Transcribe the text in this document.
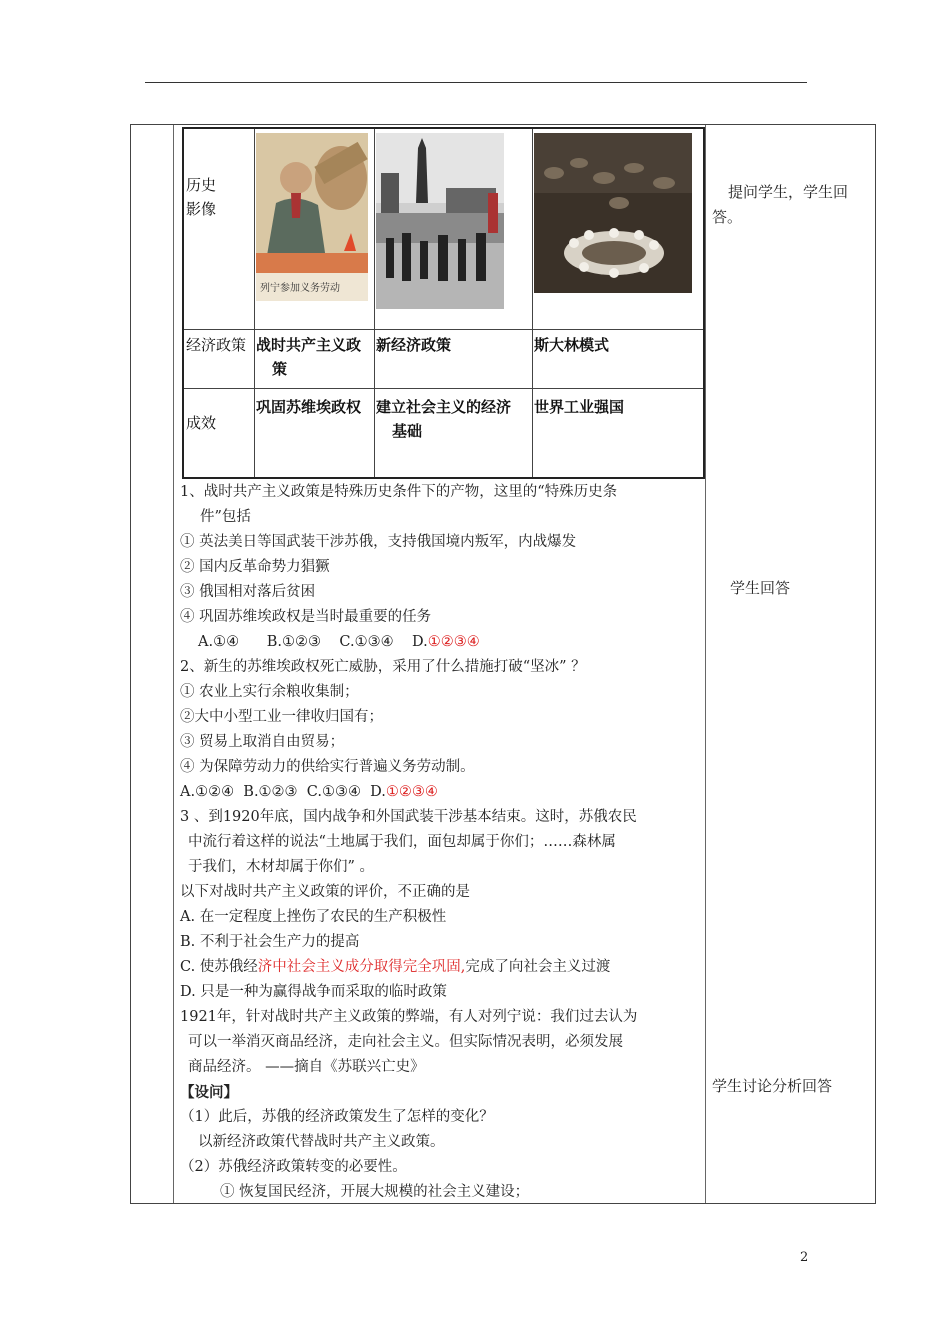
历史
影像
经济政策
成效
列宁参加义务劳动
战时共产主义政
策
新经济政策	斯大林模式
巩固苏维埃政权 建立社会主义的经济
基础
世界工业强国
1、战时共产主义政策是特殊历史条件下的产物，这里的“特殊历史条
件”包括
① 英法美日等国武装干涉苏俄，支持俄国境内叛军，内战爆发
② 国内反革命势力猖獗
③ 俄国相对落后贫困
④ 巩固苏维埃政权是当时最重要的任务
A.①④      B.①②③    C.①③④    D.①②③④
2、新生的苏维埃政权死亡威胁，采用了什么措施打破“坚冰” ？
① 农业上实行余粮收集制；
②大中小型工业一律收归国有；
③ 贸易上取消自由贸易；
④ 为保障劳动力的供给实行普遍义务劳动制。
A.①②④  B.①②③  C.①③④  D.①②③④
3 、到1920年底，国内战争和外国武装干涉基本结束。这时，苏俄农民
中流行着这样的说法“土地属于我们，面包却属于你们；……森林属
于我们，木材却属于你们” 。
以下对战时共产主义政策的评价，不正确的是
A. 在一定程度上挫伤了农民的生产积极性
B. 不利于社会生产力的提高
C. 使苏俄经济中社会主义成分取得完全巩固,完成了向社会主义过渡
D. 只是一种为赢得战争而采取的临时政策
1921年，针对战时共产主义政策的弊端，有人对列宁说：我们过去认为
可以一举消灭商品经济，走向社会主义。但实际情况表明，必须发展
商品经济。 ——摘自《苏联兴亡史》
【设问】
（1）此后，苏俄的经济政策发生了怎样的变化？
以新经济政策代替战时共产主义政策。
（2）苏俄经济政策转变的必要性。
① 恢复国民经济，开展大规模的社会主义建设；
提问学生，学生回
答。
学生回答
学生讨论分析回答
2
